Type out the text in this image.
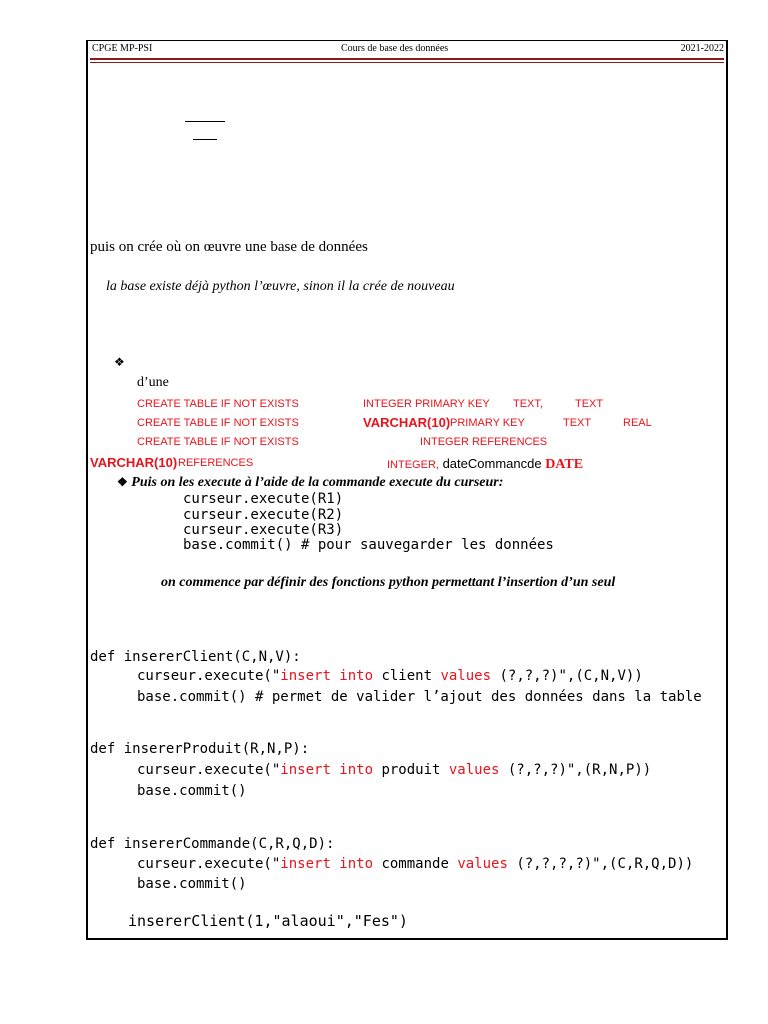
CPGE MP-PSI	Cours de base des données	2021-2022
puis on crée où on œuvre une base de données
la base existe déjà python l’œuvre, sinon il la crée de nouveau
❖
d’une
CREATE TABLE IF NOT EXISTS	INTEGER PRIMARY KEY TEXT,	TEXT
CREATE TABLE IF NOT EXISTS	VARCHAR(10) PRIMARY KEY	TEXT	REAL
CREATE TABLE IF NOT EXISTS	INTEGER REFERENCES
VARCHAR(10) REFERENCES	INTEGER, dateCommancde DATE
❖ Puis on les execute à l’aide de la commande execute du curseur:
curseur.execute(R1)
curseur.execute(R2)
curseur.execute(R3)
base.commit() # pour sauvegarder les données
on commence par définir des fonctions python permettant l’insertion d’un seul
def insererClient(C,N,V):
curseur.execute("insert into client values (?,?,?)",(C,N,V))
base.commit() # permet de valider l’ajout des données dans la table
def insererProduit(R,N,P):
curseur.execute("insert into produit values (?,?,?)",(R,N,P))
base.commit()
def insererCommande(C,R,Q,D):
curseur.execute("insert into commande values (?,?,?,?)",(C,R,Q,D))
base.commit()
insererClient(1,"alaoui","Fes")
